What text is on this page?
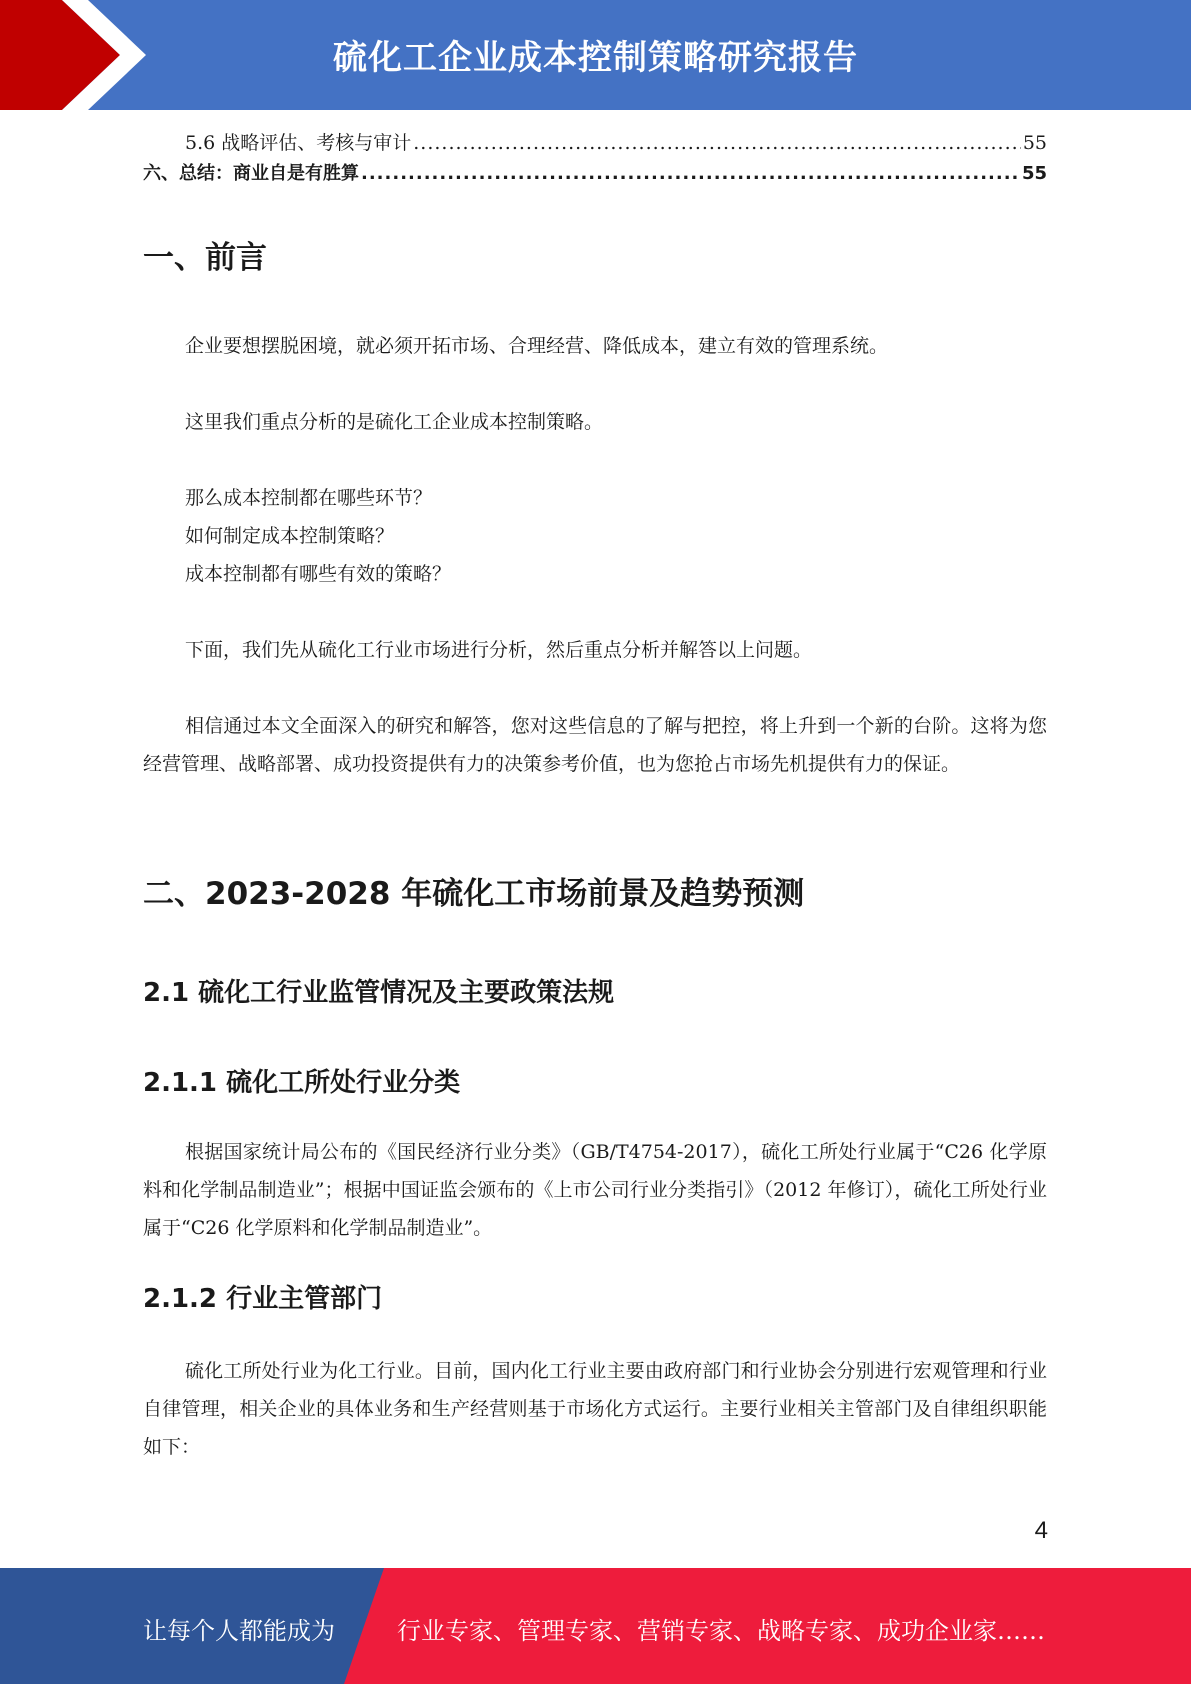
硫化工企业成本控制策略研究报告
5.6 战略评估、考核与审计 .....	55
六、总结：商业自是有胜算 .....	55
一、前言

企业要想摆脱困境，就必须开拓市场、合理经营、降低成本，建立有效的管理系统。

这里我们重点分析的是硫化工企业成本控制策略。

那么成本控制都在哪些环节？

如何制定成本控制策略？

成本控制都有哪些有效的策略？

下面，我们先从硫化工行业市场进行分析，然后重点分析并解答以上问题。

相信通过本文全面深入的研究和解答，您对这些信息的了解与把控，将上升到一个新的台阶。这将为您经营管理、战略部署、成功投资提供有力的决策参考价值，也为您抢占市场先机提供有力的保证。

二、2023-2028 年硫化工市场前景及趋势预测
2.1 硫化工行业监管情况及主要政策法规
2.1.1 硫化工所处行业分类

根据国家统计局公布的《国民经济行业分类》（GB/T4754-2017），硫化工所处行业属于“C26 化学原料和化学制品制造业”；根据中国证监会颁布的《上市公司行业分类指引》（2012 年修订），硫化工所处行业属于“C26 化学原料和化学制品制造业”。

2.1.2 行业主管部门

硫化工所处行业为化工行业。目前，国内化工行业主要由政府部门和行业协会分别进行宏观管理和行业自律管理，相关企业的具体业务和生产经营则基于市场化方式运行。主要行业相关主管部门及自律组织职能如下：

4
让每个人都能成为	行业专家、管理专家、营销专家、战略专家、成功企业家……
